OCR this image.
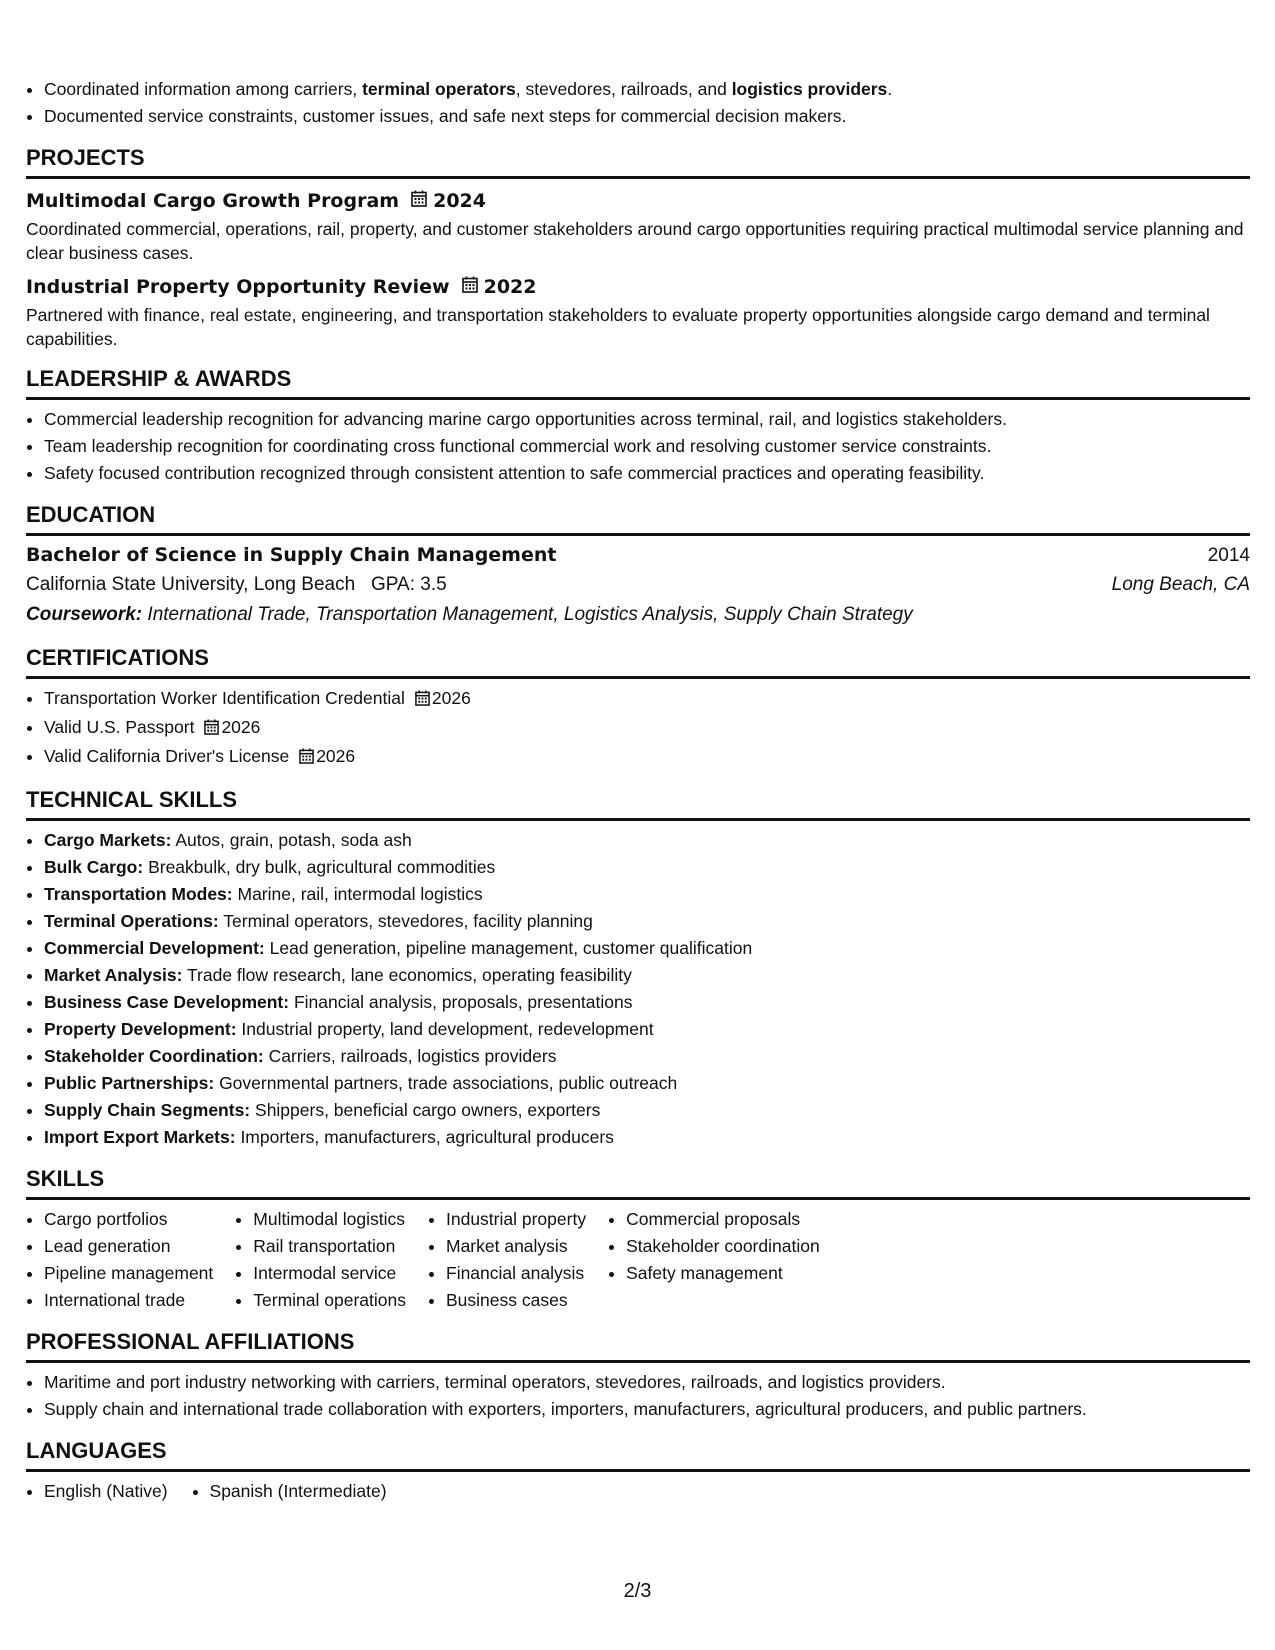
• Coordinated information among carriers, terminal operators, stevedores, railroads, and logistics providers.
• Documented service constraints, customer issues, and safe next steps for commercial decision makers.
PROJECTS
Multimodal Cargo Growth Program 2024
Coordinated commercial, operations, rail, property, and customer stakeholders around cargo opportunities requiring practical multimodal service planning and clear business cases.
Industrial Property Opportunity Review 2022
Partnered with finance, real estate, engineering, and transportation stakeholders to evaluate property opportunities alongside cargo demand and terminal capabilities.
LEADERSHIP & AWARDS
• Commercial leadership recognition for advancing marine cargo opportunities across terminal, rail, and logistics stakeholders.
• Team leadership recognition for coordinating cross functional commercial work and resolving customer service constraints.
• Safety focused contribution recognized through consistent attention to safe commercial practices and operating feasibility.
EDUCATION
Bachelor of Science in Supply Chain Management	2014
California State University, Long Beach GPA: 3.5	Long Beach, CA
Coursework: International Trade, Transportation Management, Logistics Analysis, Supply Chain Strategy
CERTIFICATIONS
• Transportation Worker Identification Credential 2026
• Valid U.S. Passport 2026
• Valid California Driver's License 2026
TECHNICAL SKILLS
• Cargo Markets: Autos, grain, potash, soda ash
• Bulk Cargo: Breakbulk, dry bulk, agricultural commodities
• Transportation Modes: Marine, rail, intermodal logistics
• Terminal Operations: Terminal operators, stevedores, facility planning
• Commercial Development: Lead generation, pipeline management, customer qualification
• Market Analysis: Trade flow research, lane economics, operating feasibility
• Business Case Development: Financial analysis, proposals, presentations
• Property Development: Industrial property, land development, redevelopment
• Stakeholder Coordination: Carriers, railroads, logistics providers
• Public Partnerships: Governmental partners, trade associations, public outreach
• Supply Chain Segments: Shippers, beneficial cargo owners, exporters
• Import Export Markets: Importers, manufacturers, agricultural producers
SKILLS
• Cargo portfolios
• Lead generation
• Pipeline management
• International trade
• Multimodal logistics
• Rail transportation
• Intermodal service
• Terminal operations
• Industrial property
• Market analysis
• Financial analysis
• Business cases
• Commercial proposals
• Stakeholder coordination
• Safety management
PROFESSIONAL AFFILIATIONS
• Maritime and port industry networking with carriers, terminal operators, stevedores, railroads, and logistics providers.
• Supply chain and international trade collaboration with exporters, importers, manufacturers, agricultural producers, and public partners.
LANGUAGES
• English (Native)
• Spanish (Intermediate)
2/3
